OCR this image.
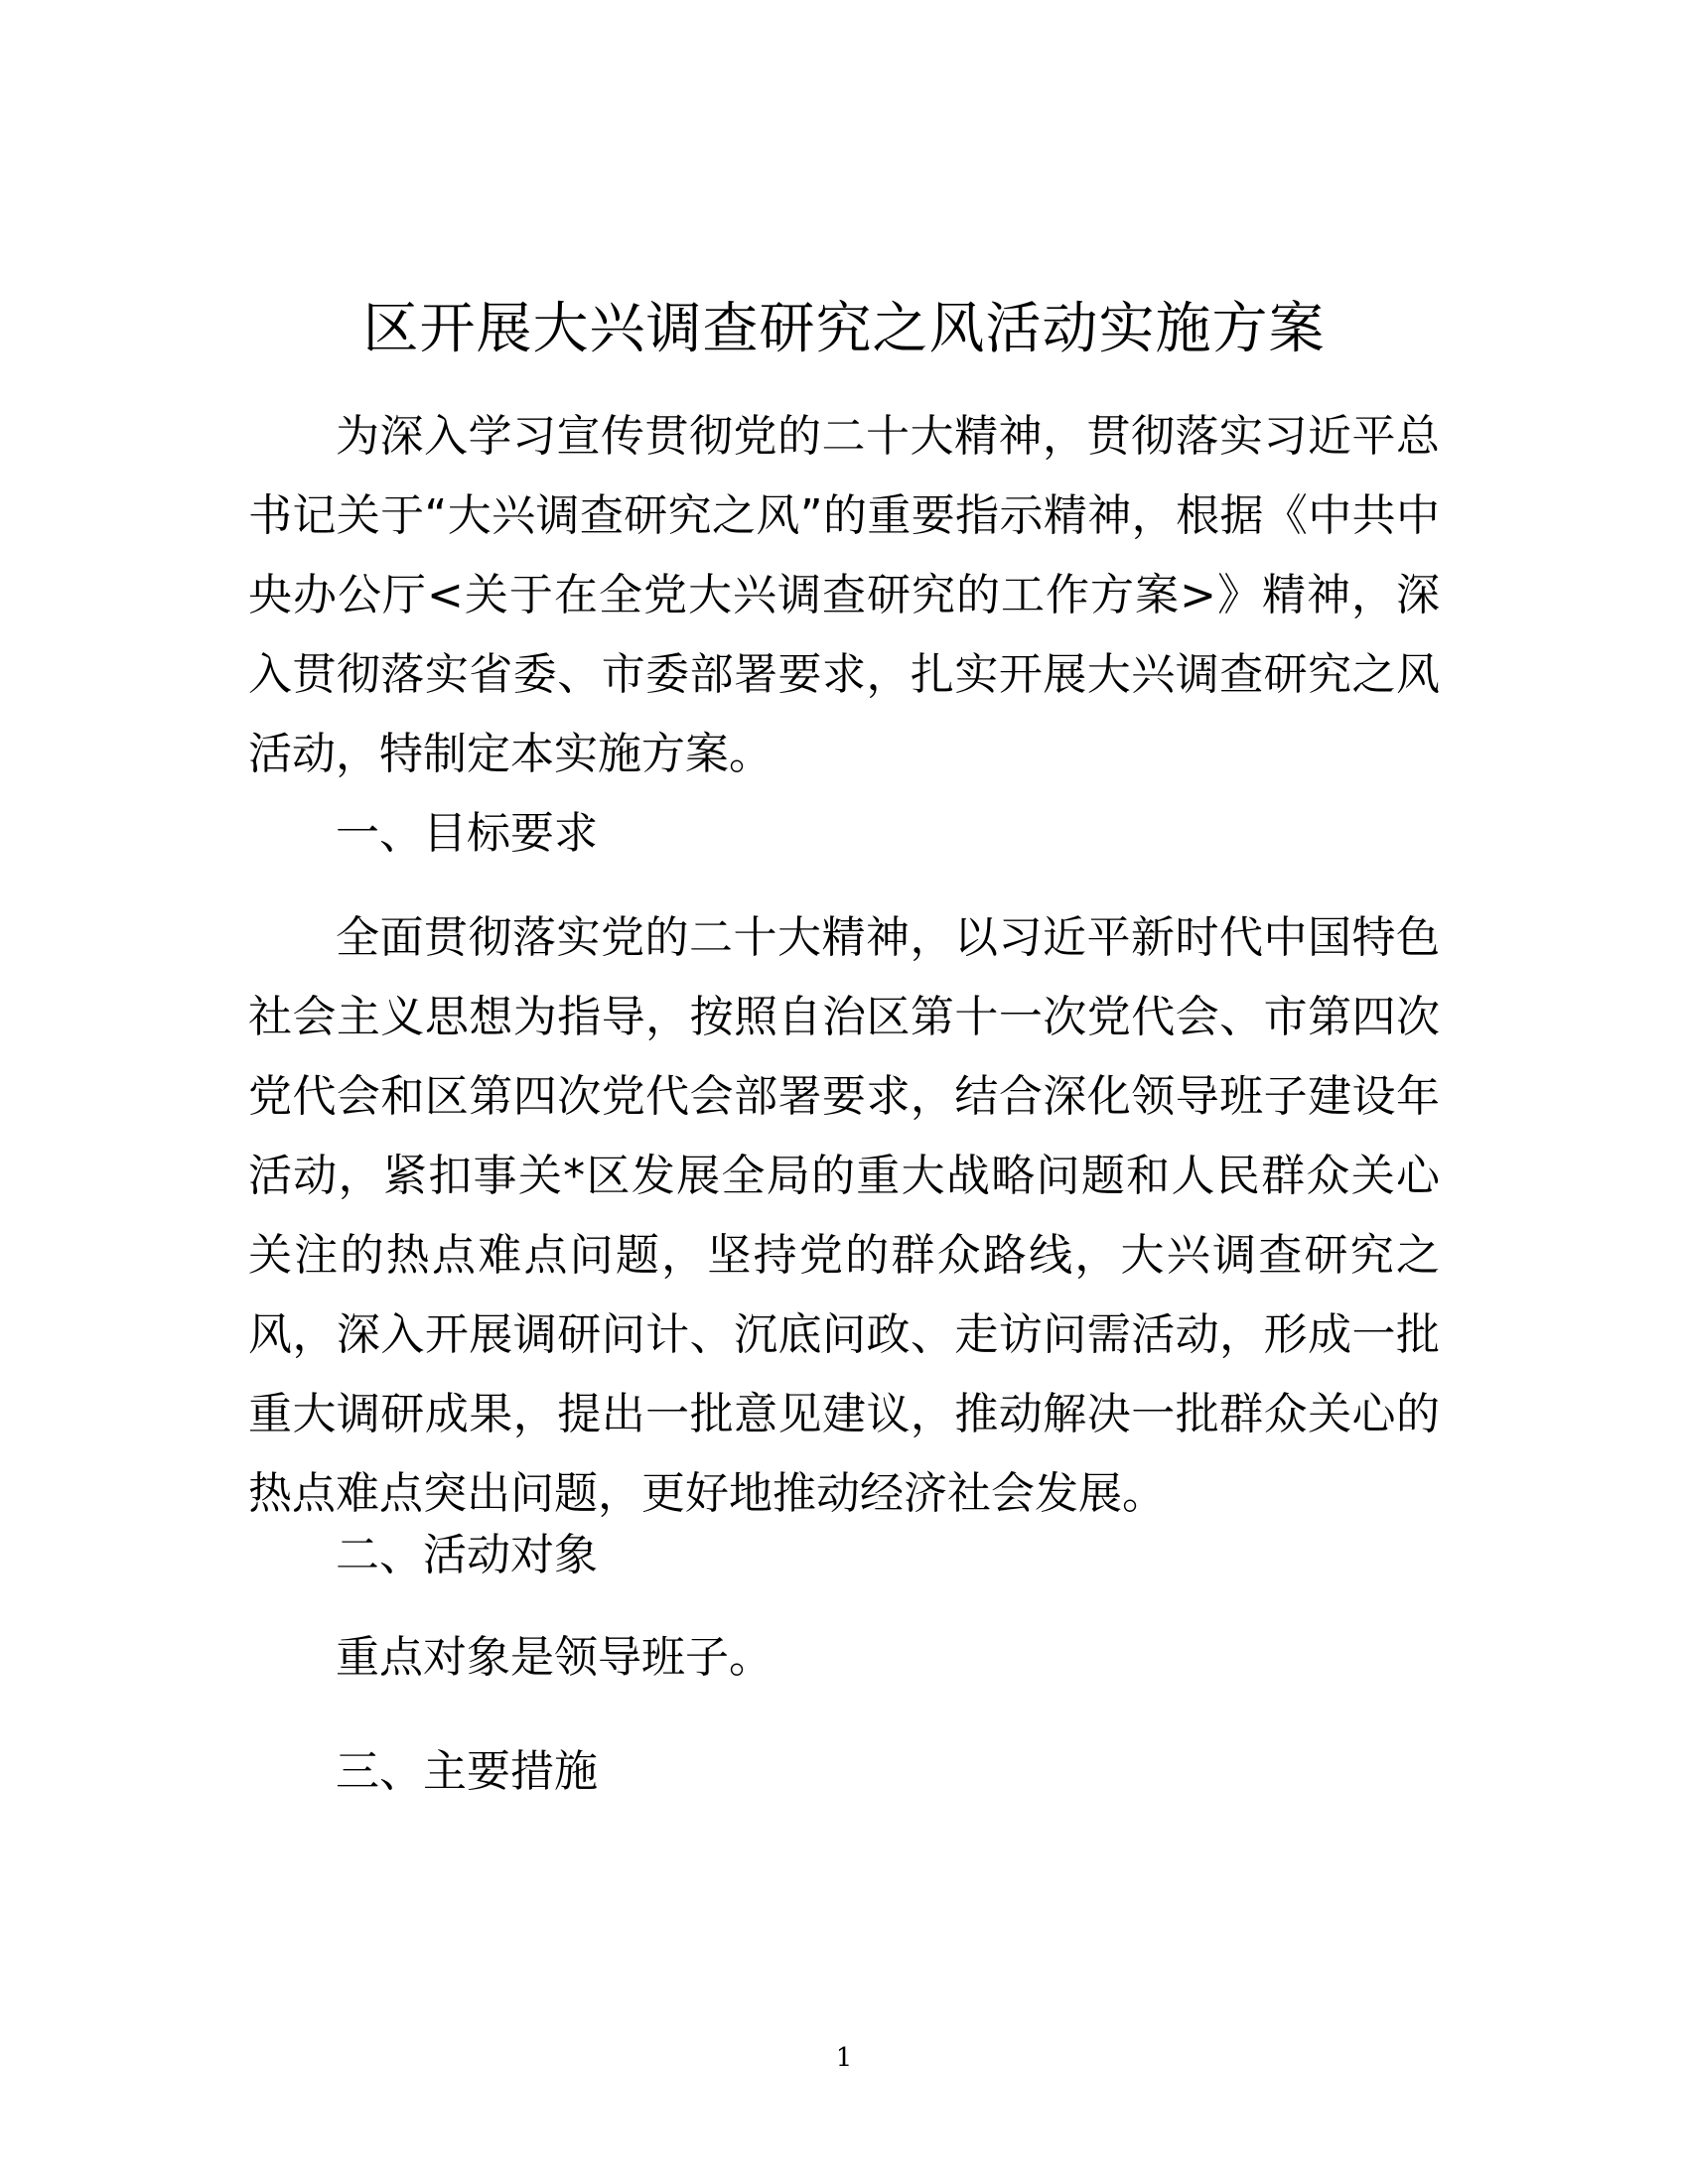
区开展大兴调查研究之风活动实施方案
为深入学习宣传贯彻党的二十大精神，贯彻落实习近平总书记关于“大兴调查研究之风”的重要指示精神，根据《中共中央办公厅<关于在全党大兴调查研究的工作方案>》精神，深入贯彻落实省委、市委部署要求，扎实开展大兴调查研究之风活动，特制定本实施方案。
一、目标要求
全面贯彻落实党的二十大精神，以习近平新时代中国特色社会主义思想为指导，按照自治区第十一次党代会、市第四次党代会和区第四次党代会部署要求，结合深化领导班子建设年活动，紧扣事关*区发展全局的重大战略问题和人民群众关心关注的热点难点问题，坚持党的群众路线，大兴调查研究之风，深入开展调研问计、沉底问政、走访问需活动，形成一批重大调研成果，提出一批意见建议，推动解决一批群众关心的热点难点突出问题，更好地推动经济社会发展。
二、活动对象
重点对象是领导班子。
三、主要措施
1
